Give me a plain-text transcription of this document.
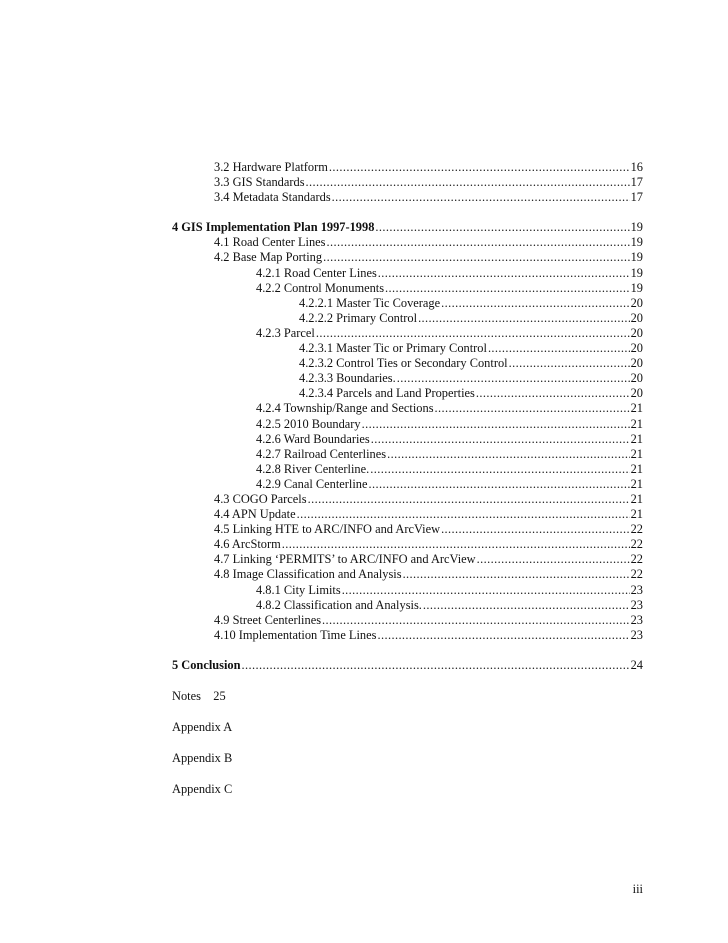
3.2 Hardware Platform .....	16
3.3 GIS Standards .....	17
3.4 Metadata Standards .....	17
4 GIS Implementation Plan 1997-1998 .....	19
4.1 Road Center Lines .....	19
4.2 Base Map Porting .....	19
4.2.1 Road Center Lines .....	19
4.2.2 Control Monuments .....	19
4.2.2.1 Master Tic Coverage .....	20
4.2.2.2 Primary Control .....	20
4.2.3 Parcel .....	20
4.2.3.1 Master Tic or Primary Control .....	20
4.2.3.2 Control Ties or Secondary Control .....	20
4.2.3.3 Boundaries. .....	20
4.2.3.4 Parcels and Land Properties .....	20
4.2.4 Township/Range and Sections .....	21
4.2.5 2010 Boundary .....	21
4.2.6 Ward Boundaries .....	21
4.2.7 Railroad Centerlines .....	21
4.2.8 River Centerline. .....	21
4.2.9 Canal Centerline .....	21
4.3 COGO Parcels .....	21
4.4 APN Update .....	21
4.5 Linking HTE to ARC/INFO and ArcView .....	22
4.6 ArcStorm .....	22
4.7 Linking ‘PERMITS’ to ARC/INFO and ArcView .....	22
4.8 Image Classification and Analysis .....	22
4.8.1 City Limits .....	23
4.8.2 Classification and Analysis. .....	23
4.9 Street Centerlines .....	23
4.10 Implementation Time Lines .....	23
5 Conclusion .....	24
Notes    25
Appendix A
Appendix B
Appendix C
iii
